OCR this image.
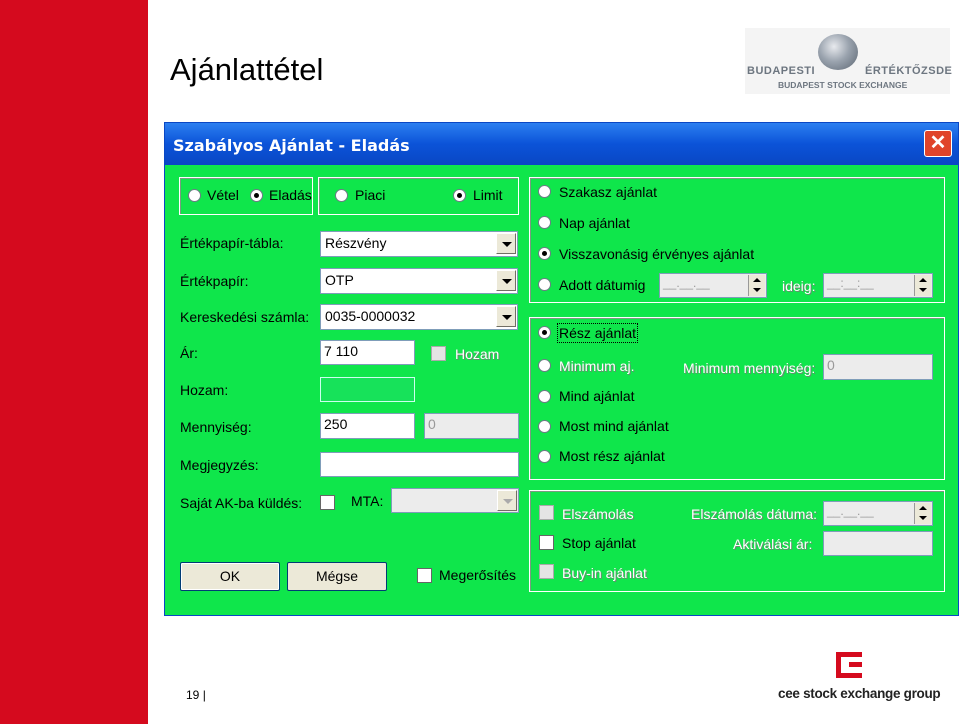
Ajánlattétel	BUDAPESTI	ÉRTÉKTŐZSDE
BUDAPEST STOCK EXCHANGE
Szabályos Ajánlat - Eladás	✕
Vétel Eladás	Piaci	Limit
Értékpapír-tábla:	Részvény
Értékpapír:	OTP
Kereskedési számla:	0035-0000032
Ár:	7 110	Hozam
Hozam:
Mennyiség:	250	0
Megjegyzés:
Saját AK-ba küldés:	MTA:
OK	Mégse	Megerősítés
Szakasz ajánlat
Nap ajánlat
Visszavonásig érvényes ajánlat
Adott dátumig	__.__.__	ideig: __:__:__
Rész ajánlat
Minimum aj.	Minimum mennyiség: 0
Mind ajánlat
Most mind ajánlat
Most rész ajánlat
Elszámolás	Elszámolás dátuma: __.__.__
Stop ajánlat	Aktiválási ár:
Buy-in ajánlat
19 |	cee stock exchange group
